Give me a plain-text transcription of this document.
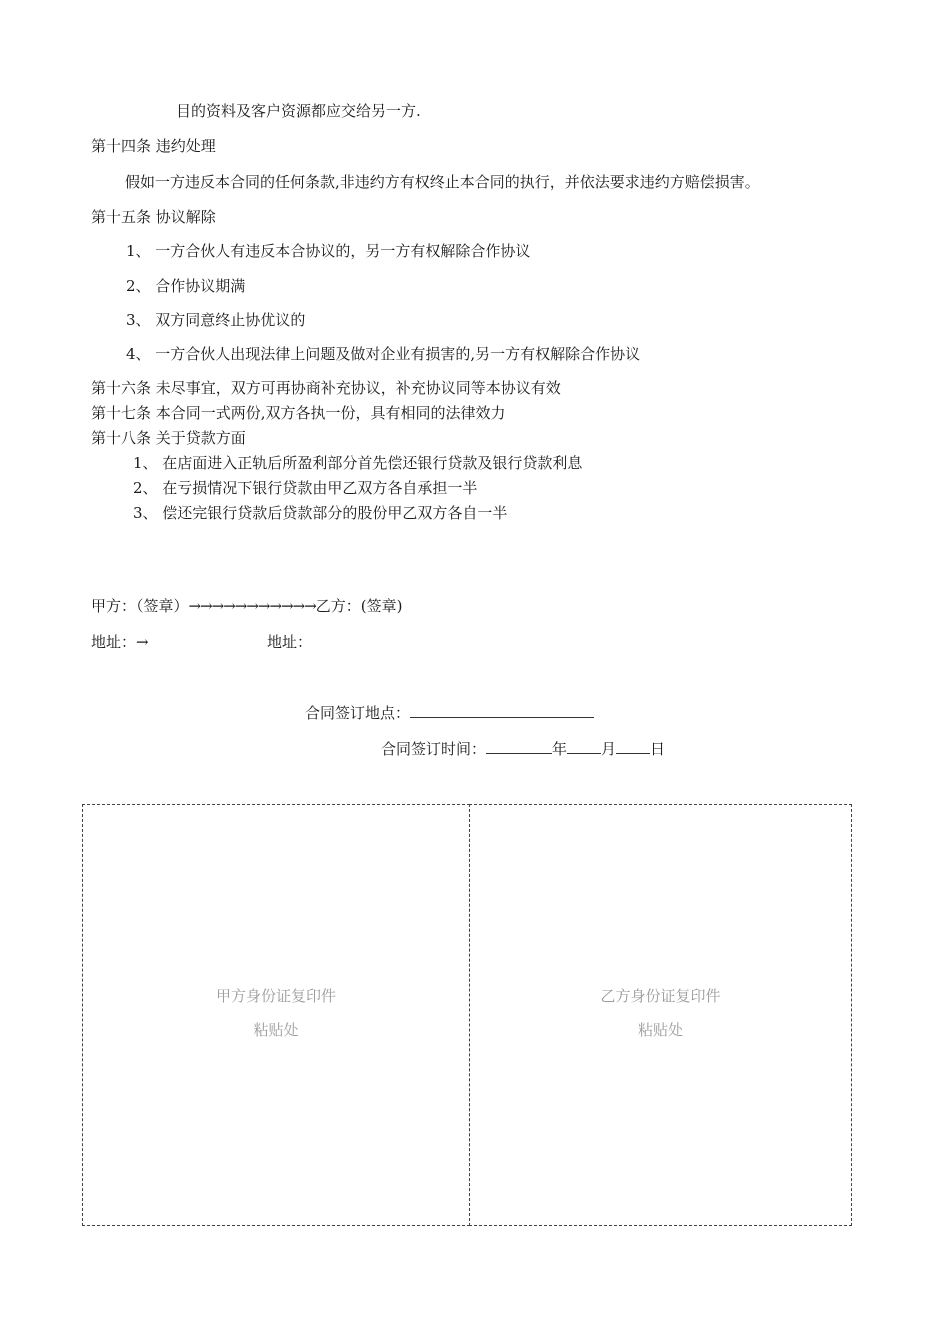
目的资料及客户资源都应交给另一方.
第十四条 违约处理
假如一方违反本合同的任何条款,非违约方有权终止本合同的执行，并依法要求违约方赔偿损害。
第十五条 协议解除
1、 一方合伙人有违反本合协议的，另一方有权解除合作协议
2、 合作协议期满
3、 双方同意终止协优议的
4、 一方合伙人出现法律上问题及做对企业有损害的,另一方有权解除合作协议
第十六条 未尽事宜，双方可再协商补充协议，补充协议同等本协议有效
第十七条 本合同一式两份,双方各执一份，具有相同的法律效力
第十八条 关于贷款方面
1、 在店面进入正轨后所盈利部分首先偿还银行贷款及银行贷款利息
2、 在亏损情况下银行贷款由甲乙双方各自承担一半
3、 偿还完银行贷款后贷款部分的股份甲乙双方各自一半
甲方：（签章）→→→→→→→→→→→乙方：(签章)
地址：→	地址：
合同签订地点：
合同签订时间：	年 月 日
甲方身份证复印件
粘贴处
乙方身份证复印件
粘贴处
